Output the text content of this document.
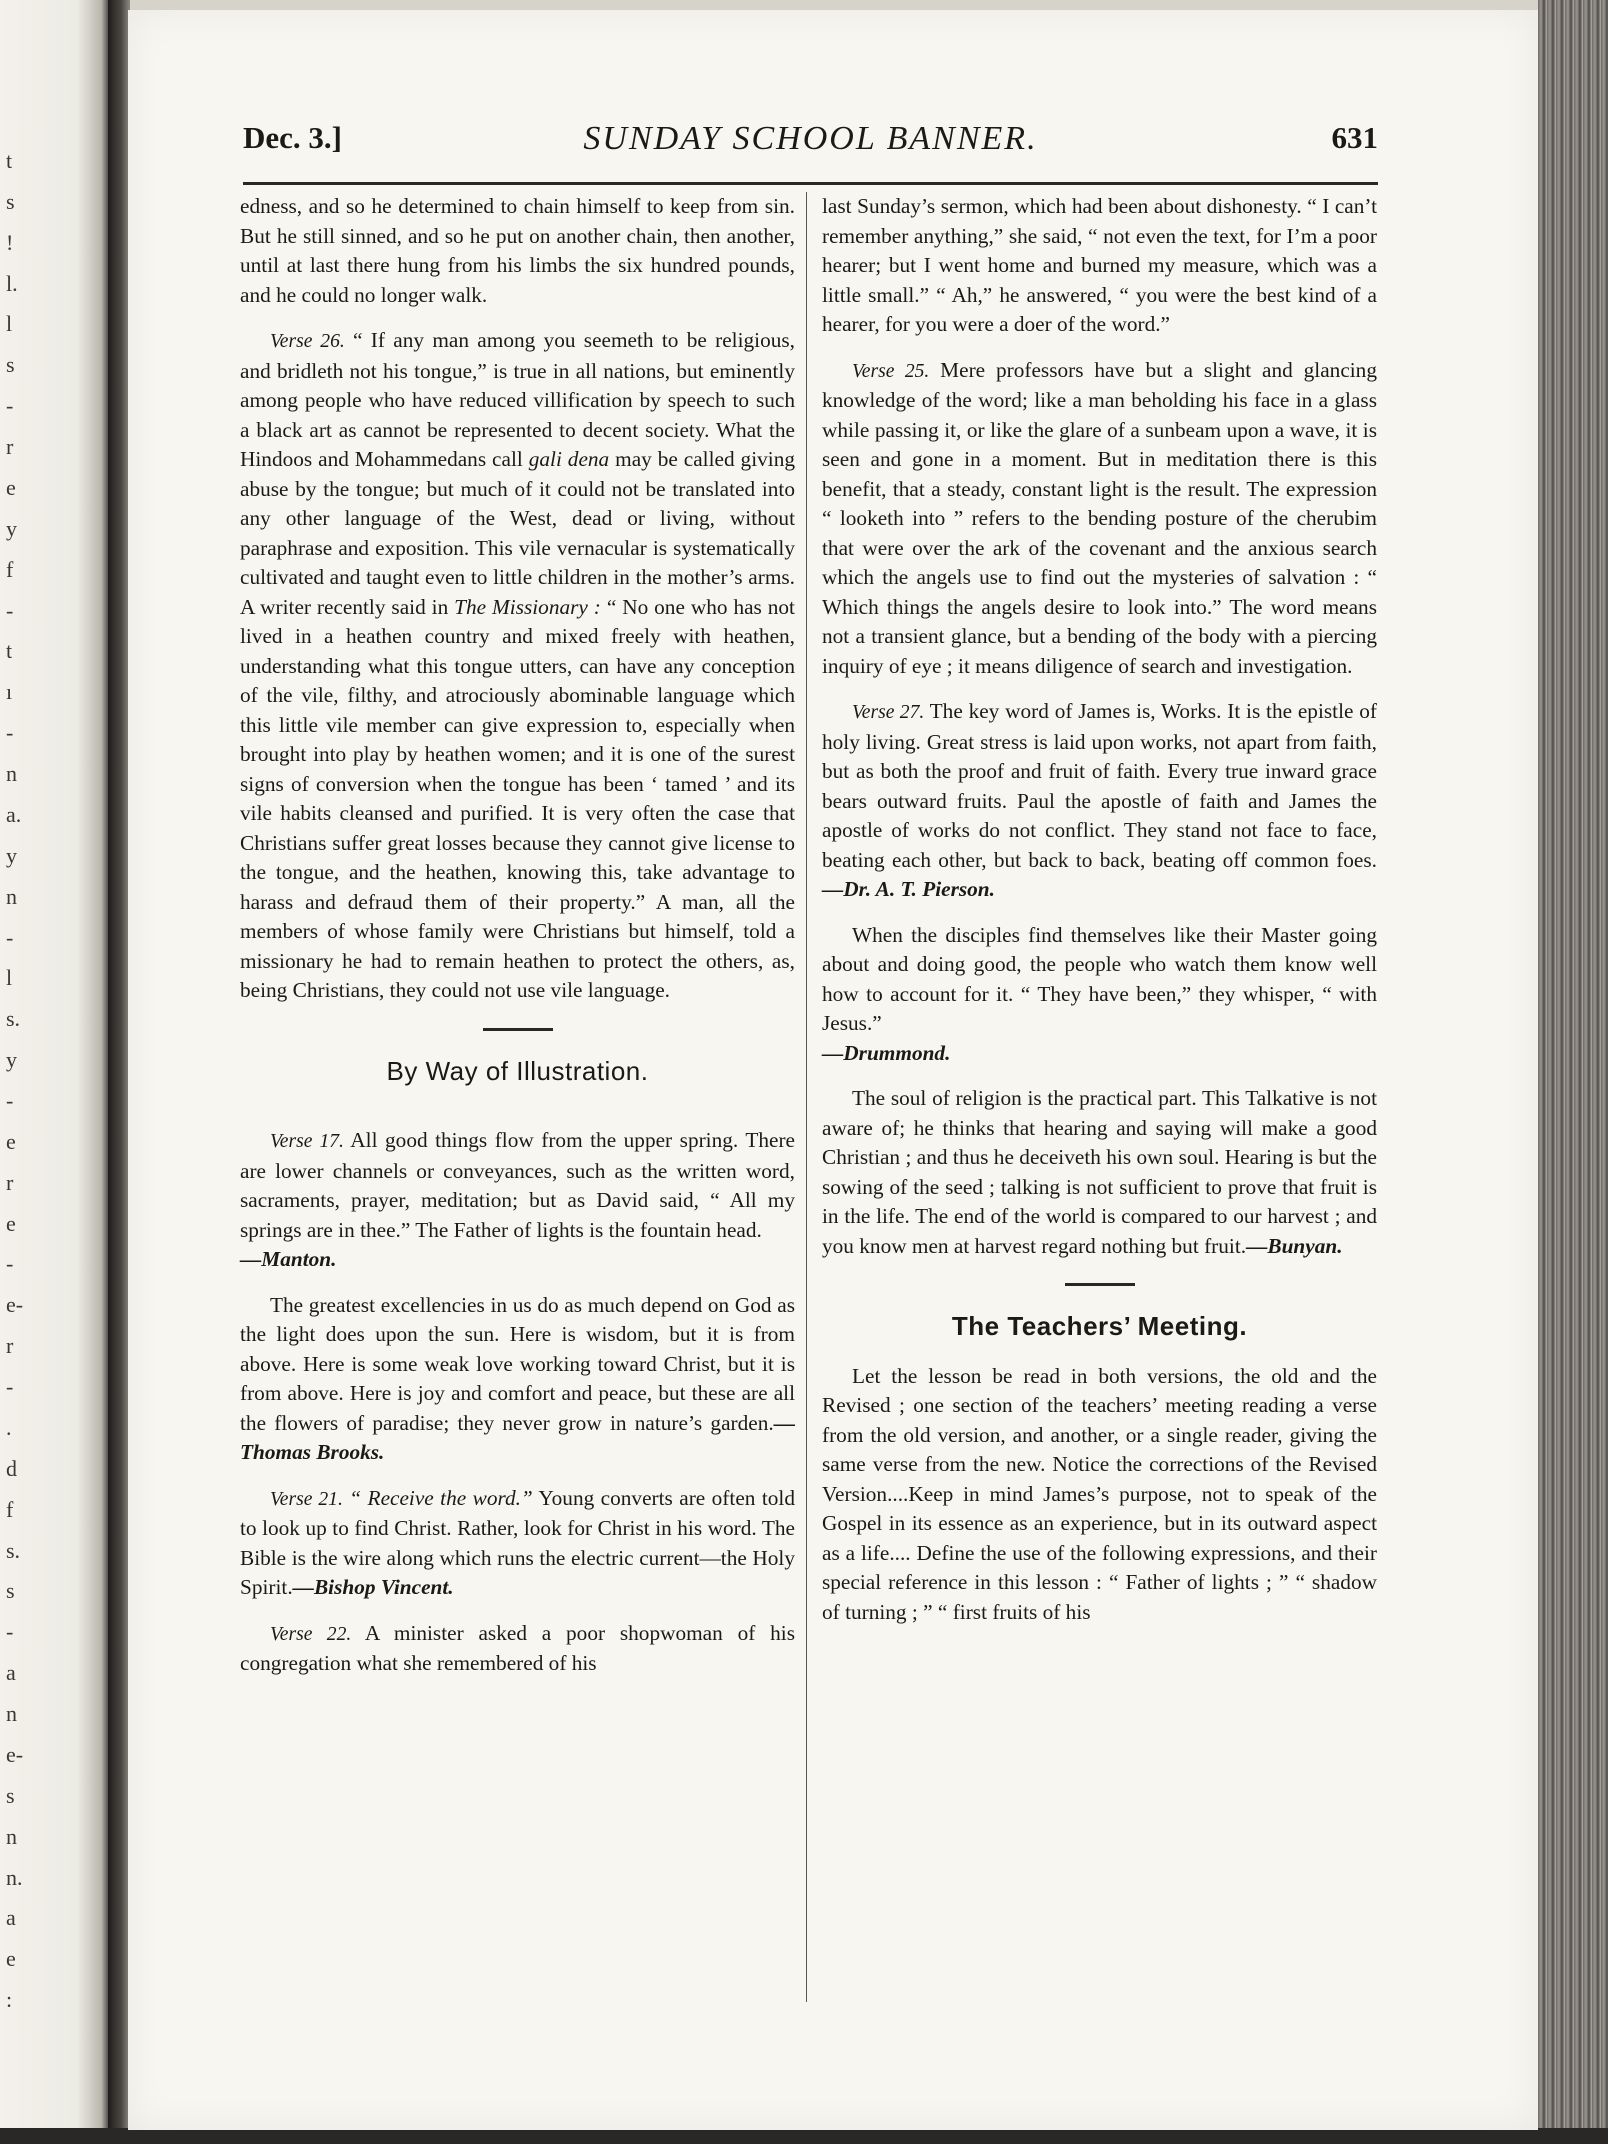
t
s
!
l.
l
s
-
r
e
y
f
-
t
ı
-
n
a.
y
n
-
l
s.
y
-
e
r
e
-
e-
r
-
.
d
f
s.
s
-
a
n
e-
s
n
n.
a
e
:
Dec. 3.]	SUNDAY SCHOOL BANNER.	631

edness, and so he determined to chain himself to keep from sin. But he still sinned, and so he put on another chain, then another, until at last there hung from his limbs the six hundred pounds, and he could no longer walk.

Verse 26. “ If any man among you seemeth to be religious, and bridleth not his tongue,” is true in all nations, but eminently among people who have reduced villification by speech to such a black art as cannot be represented to decent society. What the Hindoos and Mohammedans call gali dena may be called giving abuse by the tongue; but much of it could not be translated into any other language of the West, dead or living, without paraphrase and exposition. This vile vernacular is systematically cultivated and taught even to little children in the mother’s arms. A writer recently said in The Missionary : “ No one who has not lived in a heathen country and mixed freely with heathen, understanding what this tongue utters, can have any conception of the vile, filthy, and atrociously abominable language which this little vile member can give expression to, especially when brought into play by heathen women; and it is one of the surest signs of conversion when the tongue has been ‘ tamed ’ and its vile habits cleansed and purified. It is very often the case that Christians suffer great losses because they cannot give license to the tongue, and the heathen, knowing this, take advantage to harass and defraud them of their property.” A man, all the members of whose family were Christians but himself, told a missionary he had to remain heathen to protect the others, as, being Christians, they could not use vile language.

By Way of Illustration.

Verse 17. All good things flow from the upper spring. There are lower channels or conveyances, such as the written word, sacraments, prayer, meditation; but as David said, “ All my springs are in thee.” The Father of lights is the fountain head.
—Manton.

The greatest excellencies in us do as much depend on God as the light does upon the sun. Here is wisdom, but it is from above. Here is some weak love working toward Christ, but it is from above. Here is joy and comfort and peace, but these are all the flowers of paradise; they never grow in nature’s garden.—Thomas Brooks.

Verse 21. “ Receive the word.” Young converts are often told to look up to find Christ. Rather, look for Christ in his word. The Bible is the wire along which runs the electric current—the Holy Spirit.—Bishop Vincent.

Verse 22. A minister asked a poor shopwoman of his congregation what she remembered of his

last Sunday’s sermon, which had been about dishonesty. “ I can’t remember anything,” she said, “ not even the text, for I’m a poor hearer; but I went home and burned my measure, which was a little small.” “ Ah,” he answered, “ you were the best kind of a hearer, for you were a doer of the word.”

Verse 25. Mere professors have but a slight and glancing knowledge of the word; like a man beholding his face in a glass while passing it, or like the glare of a sunbeam upon a wave, it is seen and gone in a moment. But in meditation there is this benefit, that a steady, constant light is the result. The expression “ looketh into ” refers to the bending posture of the cherubim that were over the ark of the covenant and the anxious search which the angels use to find out the mysteries of salvation : “ Which things the angels desire to look into.” The word means not a transient glance, but a bending of the body with a piercing inquiry of eye ; it means diligence of search and investigation.

Verse 27. The key word of James is, Works. It is the epistle of holy living. Great stress is laid upon works, not apart from faith, but as both the proof and fruit of faith. Every true inward grace bears outward fruits. Paul the apostle of faith and James the apostle of works do not conflict. They stand not face to face, beating each other, but back to back, beating off common foes.—Dr. A. T. Pierson.

When the disciples find themselves like their Master going about and doing good, the people who watch them know well how to account for it. “ They have been,” they whisper, “ with Jesus.”
—Drummond.

The soul of religion is the practical part. This Talkative is not aware of; he thinks that hearing and saying will make a good Christian ; and thus he deceiveth his own soul. Hearing is but the sowing of the seed ; talking is not sufficient to prove that fruit is in the life. The end of the world is compared to our harvest ; and you know men at harvest regard nothing but fruit.—Bunyan.

The Teachers’ Meeting.

Let the lesson be read in both versions, the old and the Revised ; one section of the teachers’ meeting reading a verse from the old version, and another, or a single reader, giving the same verse from the new. Notice the corrections of the Revised Version....Keep in mind James’s purpose, not to speak of the Gospel in its essence as an experience, but in its outward aspect as a life.... Define the use of the following expressions, and their special reference in this lesson : “ Father of lights ; ” “ shadow of turning ; ” “ first fruits of his
